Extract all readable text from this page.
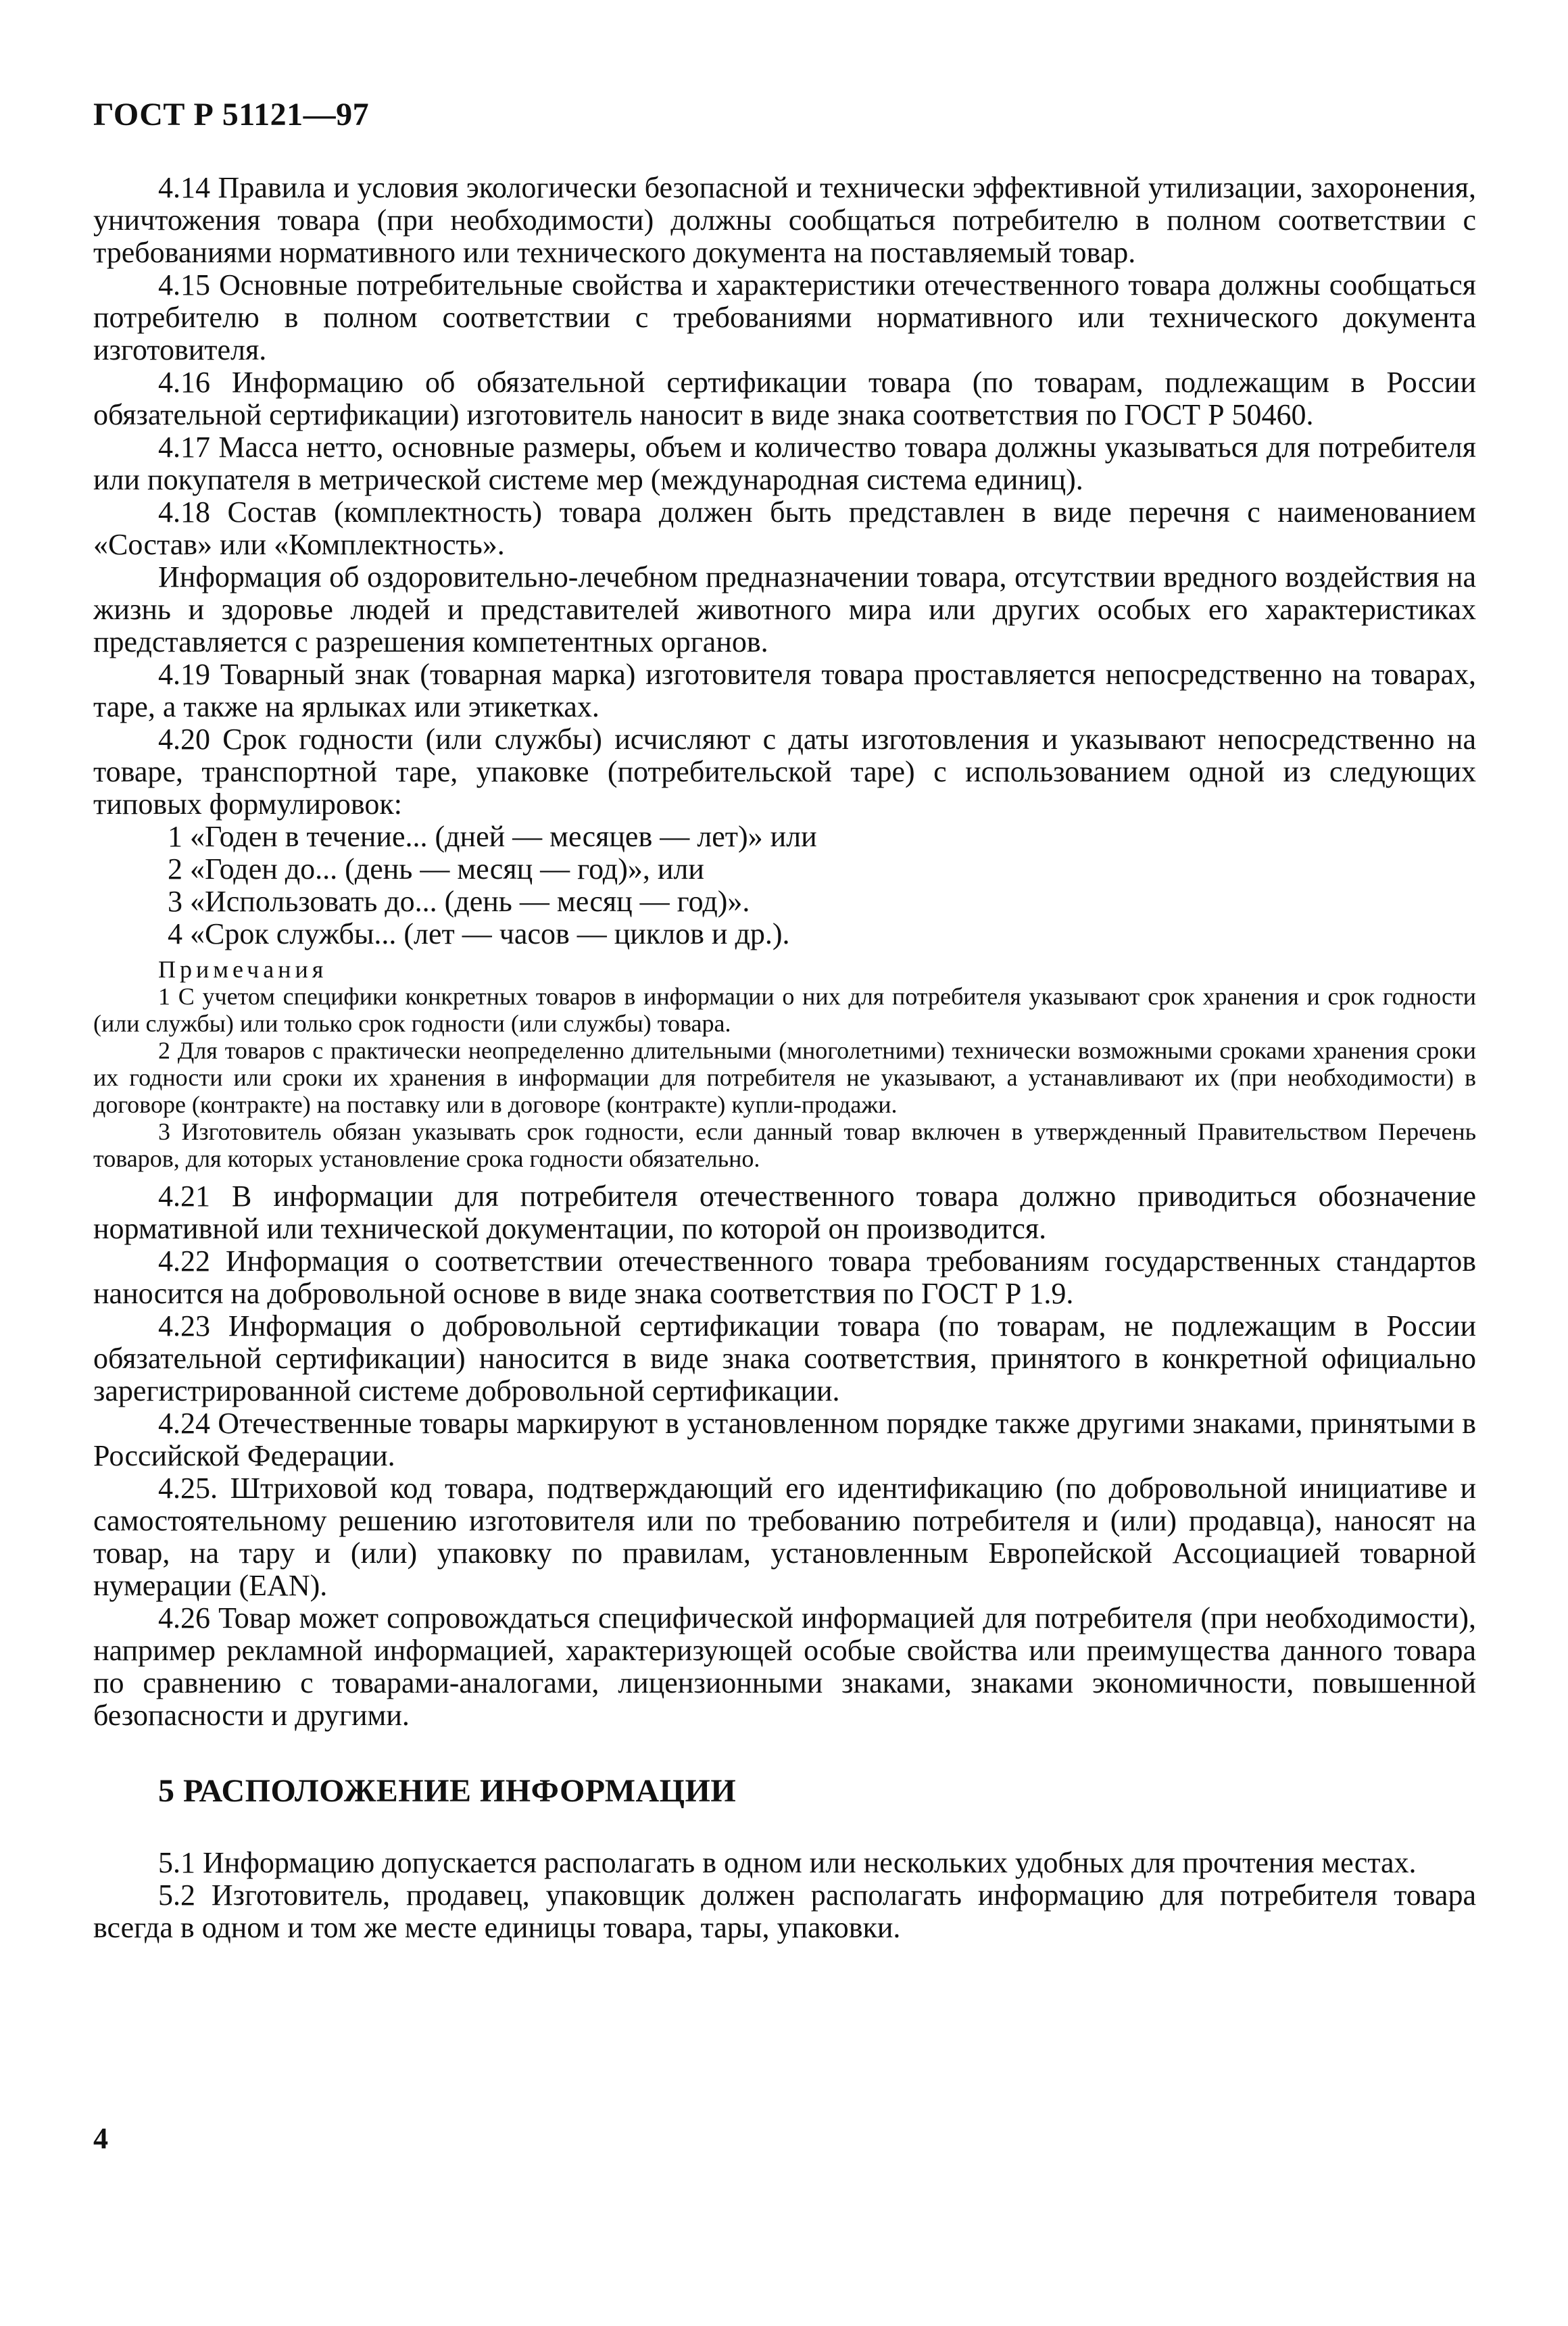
ГОСТ Р 51121—97

4.14 Правила и условия экологически безопасной и технически эффективной утилизации, захоронения, уничтожения товара (при необходимости) должны сообщаться потребителю в полном соответствии с требованиями нормативного или технического документа на поставляемый товар.

4.15 Основные потребительные свойства и характеристики отечественного товара должны сообщаться потребителю в полном соответствии с требованиями нормативного или технического документа изготовителя.

4.16 Информацию об обязательной сертификации товара (по товарам, подлежащим в России обязательной сертификации) изготовитель наносит в виде знака соответствия по ГОСТ Р 50460.

4.17 Масса нетто, основные размеры, объем и количество товара должны указываться для потребителя или покупателя в метрической системе мер (международная система единиц).

4.18 Состав (комплектность) товара должен быть представлен в виде перечня с наименованием «Состав» или «Комплектность».

Информация об оздоровительно-лечебном предназначении товара, отсутствии вредного воздействия на жизнь и здоровье людей и представителей животного мира или других особых его характеристиках представляется с разрешения компетентных органов.

4.19 Товарный знак (товарная марка) изготовителя товара проставляется непосредственно на товарах, таре, а также на ярлыках или этикетках.

4.20 Срок годности (или службы) исчисляют с даты изготовления и указывают непосредственно на товаре, транспортной таре, упаковке (потребительской таре) с использованием одной из следующих типовых формулировок:

1 «Годен в течение... (дней — месяцев — лет)» или

2 «Годен до... (день — месяц — год)», или

3 «Использовать до... (день — месяц — год)».

4 «Срок службы... (лет — часов — циклов и др.).

Примечания

1 С учетом специфики конкретных товаров в информации о них для потребителя указывают срок хранения и срок годности (или службы) или только срок годности (или службы) товара.

2 Для товаров с практически неопределенно длительными (многолетними) технически возможными сроками хранения сроки их годности или сроки их хранения в информации для потребителя не указывают, а устанавливают их (при необходимости) в договоре (контракте) на поставку или в договоре (контракте) купли-продажи.

3 Изготовитель обязан указывать срок годности, если данный товар включен в утвержденный Правительством Перечень товаров, для которых установление срока годности обязательно.

4.21 В информации для потребителя отечественного товара должно приводиться обозначение нормативной или технической документации, по которой он производится.

4.22 Информация о соответствии отечественного товара требованиям государственных стандартов наносится на добровольной основе в виде знака соответствия по ГОСТ Р 1.9.

4.23 Информация о добровольной сертификации товара (по товарам, не подлежащим в России обязательной сертификации) наносится в виде знака соответствия, принятого в конкретной официально зарегистрированной системе добровольной сертификации.

4.24 Отечественные товары маркируют в установленном порядке также другими знаками, принятыми в Российской Федерации.

4.25. Штриховой код товара, подтверждающий его идентификацию (по добровольной инициативе и самостоятельному решению изготовителя или по требованию потребителя и (или) продавца), наносят на товар, на тару и (или) упаковку по правилам, установленным Европейской Ассоциацией товарной нумерации (EAN).

4.26 Товар может сопровождаться специфической информацией для потребителя (при необходимости), например рекламной информацией, характеризующей особые свойства или преимущества данного товара по сравнению с товарами-аналогами, лицензионными знаками, знаками экономичности, повышенной безопасности и другими.

5 РАСПОЛОЖЕНИЕ ИНФОРМАЦИИ

5.1 Информацию допускается располагать в одном или нескольких удобных для прочтения местах.

5.2 Изготовитель, продавец, упаковщик должен располагать информацию для потребителя товара всегда в одном и том же месте единицы товара, тары, упаковки.

4
